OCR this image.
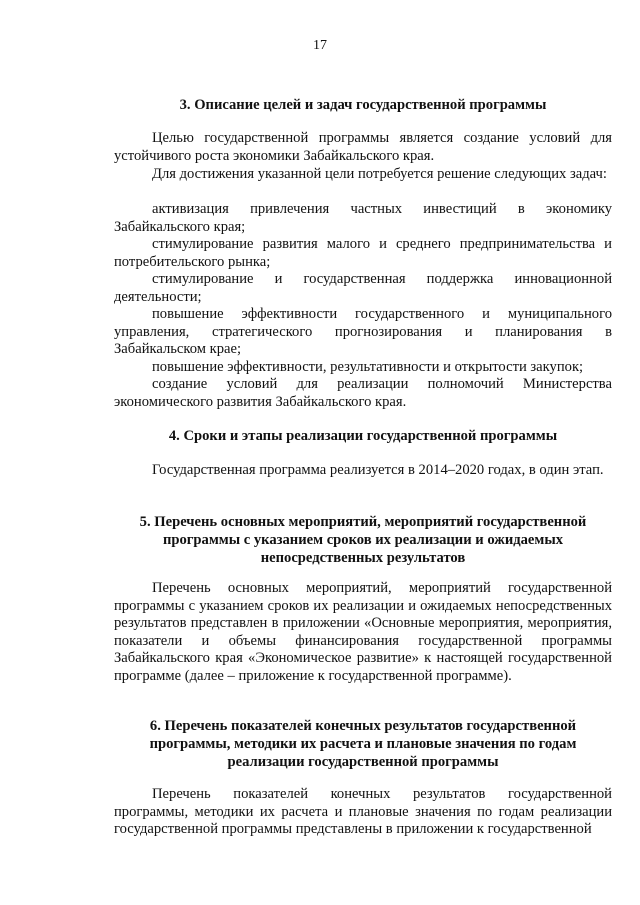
17
3. Описание целей и задач государственной программы
Целью государственной программы является создание условий для устойчивого роста экономики Забайкальского края.
Для достижения указанной цели потребуется решение следующих задач:
активизация привлечения частных инвестиций в экономику Забайкальского края;
стимулирование развития малого и среднего предпринимательства и потребительского рынка;
стимулирование и государственная поддержка инновационной деятельности;
повышение эффективности государственного и муниципального управления, стратегического прогнозирования и планирования в Забайкальском крае;
повышение эффективности, результативности и открытости закупок;
создание условий для реализации полномочий Министерства экономического развития Забайкальского края.
4. Сроки и этапы реализации государственной программы
Государственная программа реализуется в 2014–2020 годах, в один этап.
5. Перечень основных мероприятий, мероприятий государственной программы с указанием сроков их реализации и ожидаемых непосредственных результатов
Перечень основных мероприятий, мероприятий государственной программы с указанием сроков их реализации и ожидаемых непосредственных результатов представлен в приложении «Основные мероприятия, мероприятия, показатели и объемы финансирования государственной программы Забайкальского края «Экономическое развитие» к настоящей государственной программе (далее – приложение к государственной программе).
6. Перечень показателей конечных результатов государственной программы, методики их расчета и плановые значения по годам реализации государственной программы
Перечень показателей конечных результатов государственной программы, методики их расчета и плановые значения по годам реализации государственной программы представлены в приложении к государственной
